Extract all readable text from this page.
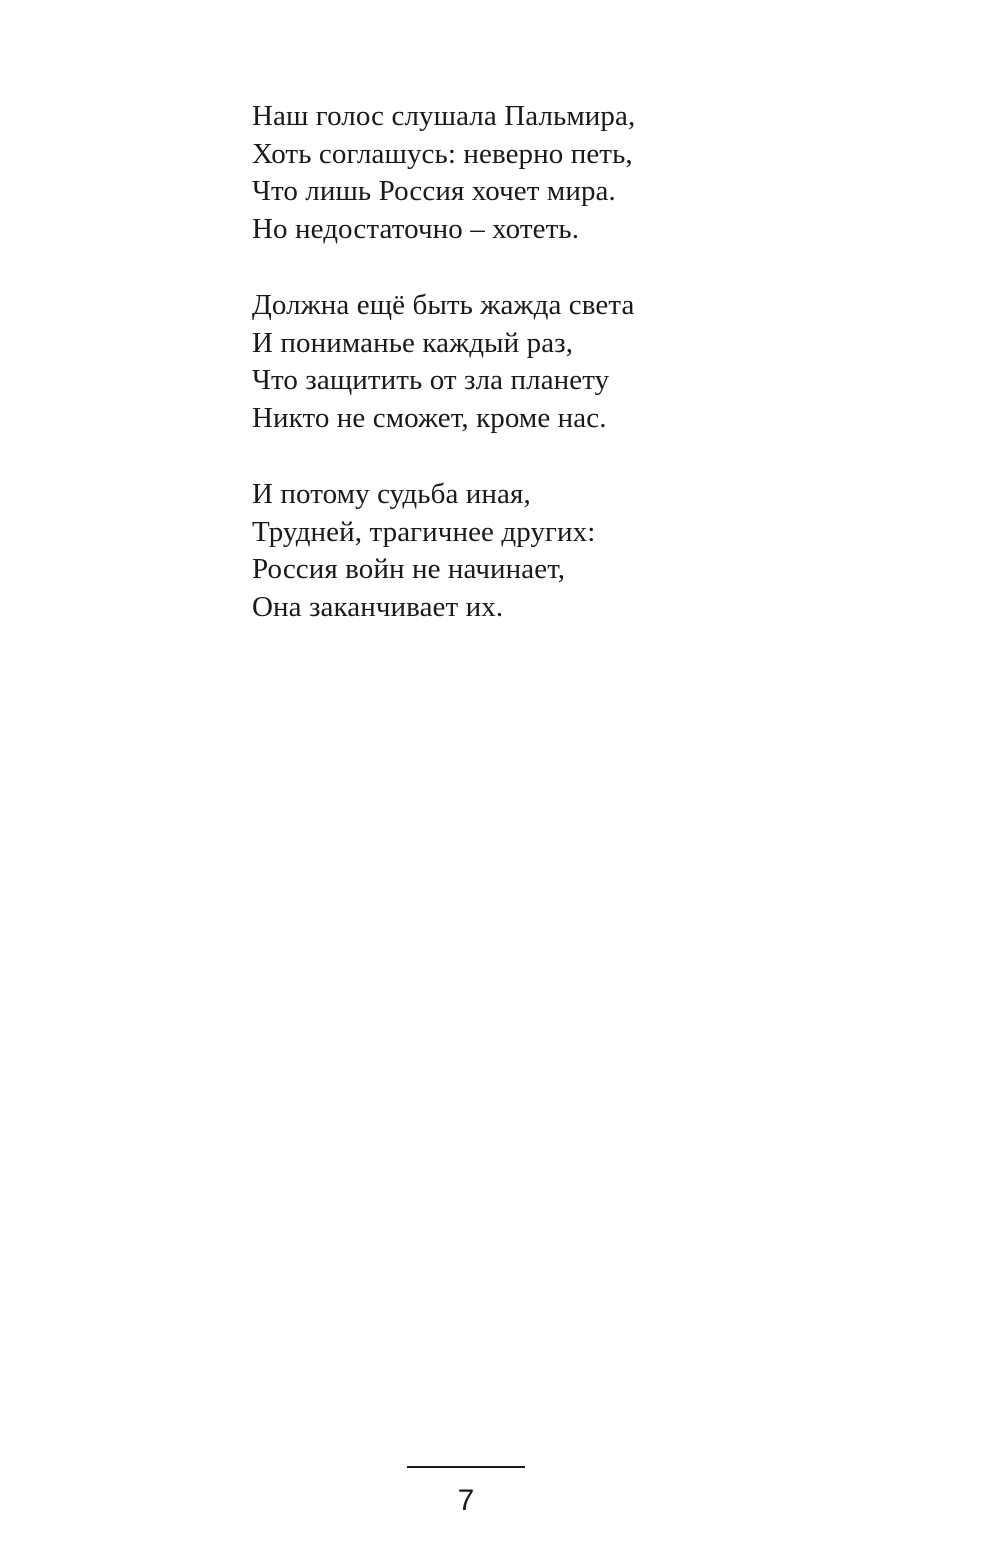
Наш голос слушала Пальмира,
Хоть соглашусь: неверно петь,
Что лишь Россия хочет мира.
Но недостаточно – хотеть.
Должна ещё быть жажда света
И пониманье каждый раз,
Что защитить от зла планету
Никто не сможет, кроме нас.
И потому судьба иная,
Трудней, трагичнее других:
Россия войн не начинает,
Она заканчивает их.
7
